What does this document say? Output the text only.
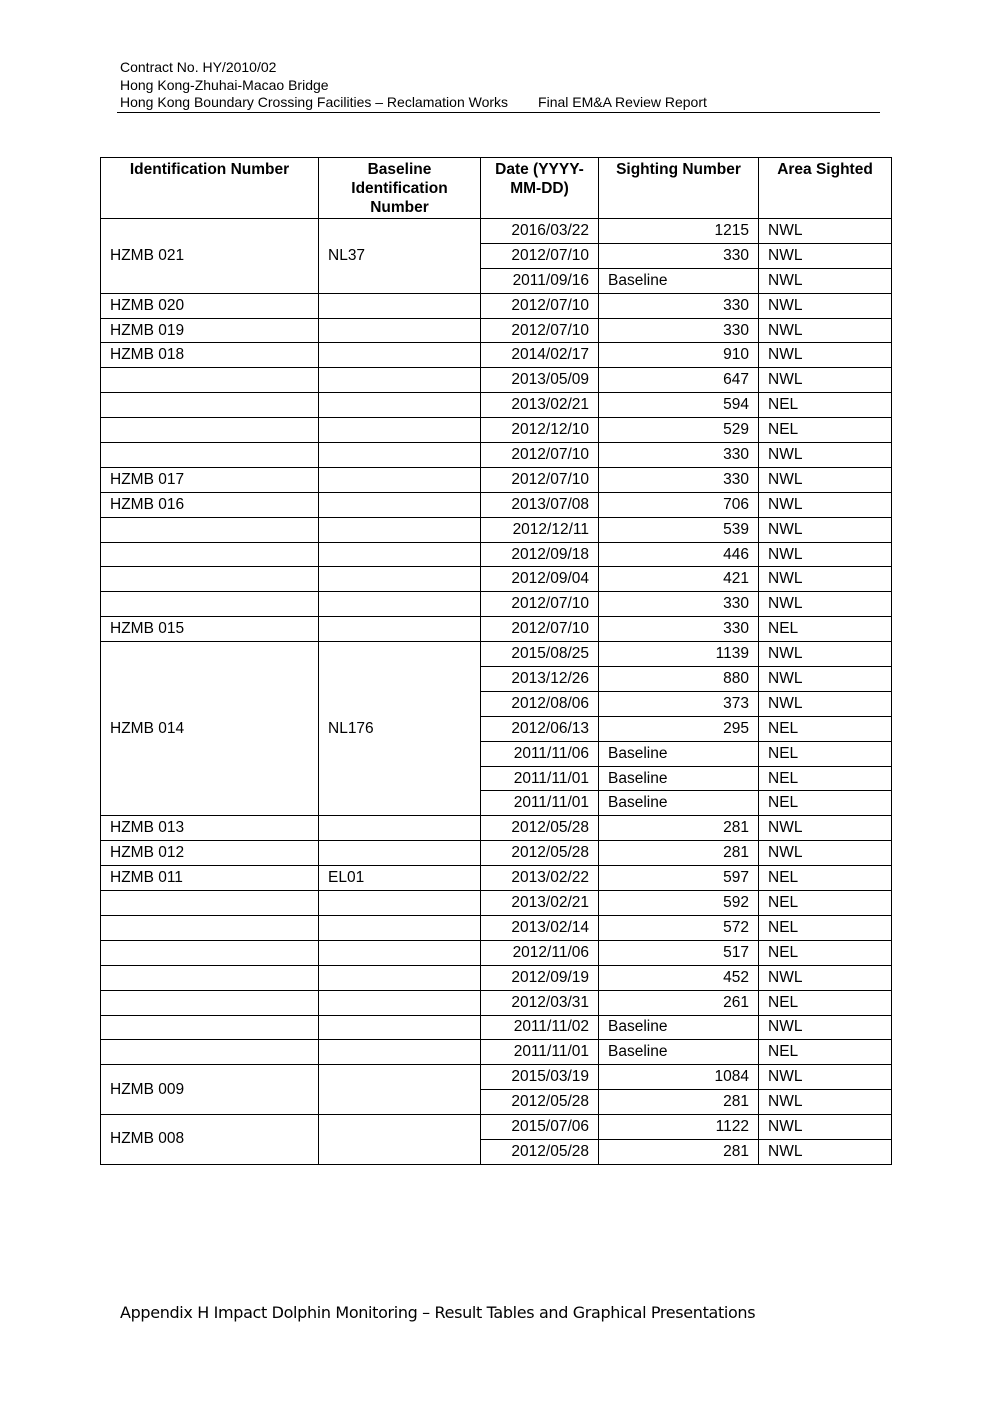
Contract No. HY/2010/02
Hong Kong-Zhuhai-Macao Bridge
Hong Kong Boundary Crossing Facilities – Reclamation Works Final EM&A Review Report
Identification Number	Baseline Identification Number	Date (YYYY-MM-DD)	Sighting Number	Area Sighted
HZMB 021	NL37	2016/03/22	1215	NWL
		2012/07/10	330	NWL
		2011/09/16	Baseline	NWL
HZMB 020		2012/07/10	330	NWL
HZMB 019		2012/07/10	330	NWL
HZMB 018		2014/02/17	910	NWL
		2013/05/09	647	NWL
		2013/02/21	594	NEL
		2012/12/10	529	NEL
		2012/07/10	330	NWL
HZMB 017		2012/07/10	330	NWL
HZMB 016		2013/07/08	706	NWL
		2012/12/11	539	NWL
		2012/09/18	446	NWL
		2012/09/04	421	NWL
		2012/07/10	330	NWL
HZMB 015		2012/07/10	330	NEL
HZMB 014	NL176	2015/08/25	1139	NWL
		2013/12/26	880	NWL
		2012/08/06	373	NWL
		2012/06/13	295	NEL
		2011/11/06	Baseline	NEL
		2011/11/01	Baseline	NEL
		2011/11/01	Baseline	NEL
HZMB 013		2012/05/28	281	NWL
HZMB 012		2012/05/28	281	NWL
HZMB 011	EL01	2013/02/22	597	NEL
		2013/02/21	592	NEL
		2013/02/14	572	NEL
		2012/11/06	517	NEL
		2012/09/19	452	NWL
		2012/03/31	261	NEL
		2011/11/02	Baseline	NWL
		2011/11/01	Baseline	NEL
HZMB 009		2015/03/19	1084	NWL
		2012/05/28	281	NWL
HZMB 008		2015/07/06	1122	NWL
		2012/05/28	281	NWL
Appendix H Impact Dolphin Monitoring – Result Tables and Graphical Presentations
